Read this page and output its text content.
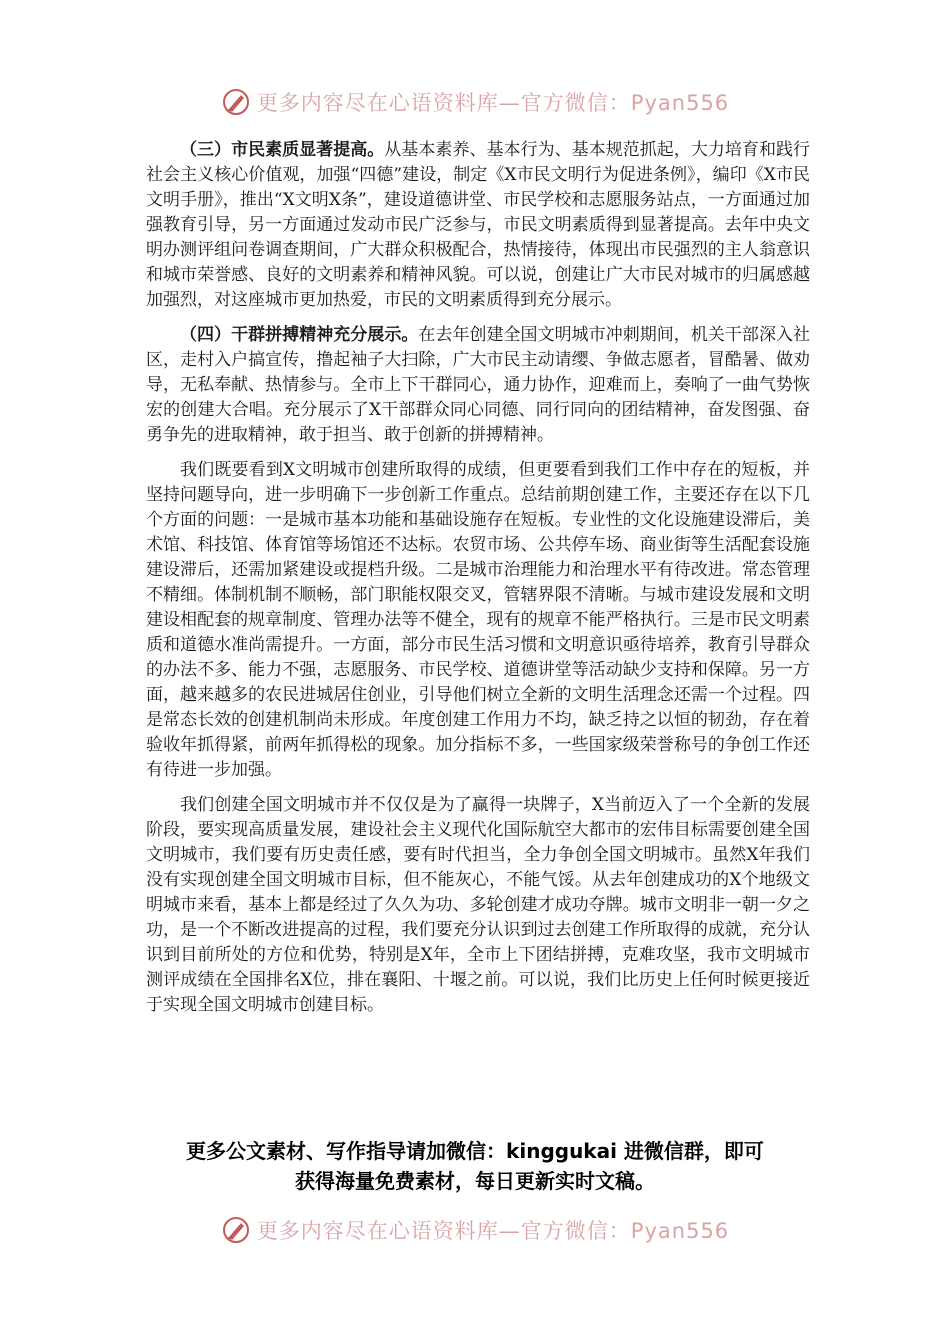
更多内容尽在心语资料库—官方微信：Pyan556

（三）市民素质显著提高。从基本素养、基本行为、基本规范抓起，大力培育和践行社会主义核心价值观，加强“四德”建设，制定《X市民文明行为促进条例》，编印《X市民文明手册》，推出“X文明X条”，建设道德讲堂、市民学校和志愿服务站点，一方面通过加强教育引导，另一方面通过发动市民广泛参与，市民文明素质得到显著提高。去年中央文明办测评组问卷调查期间，广大群众积极配合，热情接待，体现出市民强烈的主人翁意识和城市荣誉感、良好的文明素养和精神风貌。可以说，创建让广大市民对城市的归属感越加强烈，对这座城市更加热爱，市民的文明素质得到充分展示。

（四）干群拼搏精神充分展示。在去年创建全国文明城市冲刺期间，机关干部深入社区，走村入户搞宣传，撸起袖子大扫除，广大市民主动请缨、争做志愿者，冒酷暑、做劝导，无私奉献、热情参与。全市上下干群同心，通力协作，迎难而上，奏响了一曲气势恢宏的创建大合唱。充分展示了X干部群众同心同德、同行同向的团结精神，奋发图强、奋勇争先的进取精神，敢于担当、敢于创新的拼搏精神。

我们既要看到X文明城市创建所取得的成绩，但更要看到我们工作中存在的短板，并坚持问题导向，进一步明确下一步创新工作重点。总结前期创建工作，主要还存在以下几个方面的问题：一是城市基本功能和基础设施存在短板。专业性的文化设施建设滞后，美术馆、科技馆、体育馆等场馆还不达标。农贸市场、公共停车场、商业街等生活配套设施建设滞后，还需加紧建设或提档升级。二是城市治理能力和治理水平有待改进。常态管理不精细。体制机制不顺畅，部门职能权限交叉，管辖界限不清晰。与城市建设发展和文明建设相配套的规章制度、管理办法等不健全，现有的规章不能严格执行。三是市民文明素质和道德水准尚需提升。一方面，部分市民生活习惯和文明意识亟待培养，教育引导群众的办法不多、能力不强，志愿服务、市民学校、道德讲堂等活动缺少支持和保障。另一方面，越来越多的农民进城居住创业，引导他们树立全新的文明生活理念还需一个过程。四是常态长效的创建机制尚未形成。年度创建工作用力不均，缺乏持之以恒的韧劲，存在着验收年抓得紧，前两年抓得松的现象。加分指标不多，一些国家级荣誉称号的争创工作还有待进一步加强。

我们创建全国文明城市并不仅仅是为了赢得一块牌子，X当前迈入了一个全新的发展阶段，要实现高质量发展，建设社会主义现代化国际航空大都市的宏伟目标需要创建全国文明城市，我们要有历史责任感，要有时代担当，全力争创全国文明城市。虽然X年我们没有实现创建全国文明城市目标，但不能灰心，不能气馁。从去年创建成功的X个地级文明城市来看，基本上都是经过了久久为功、多轮创建才成功夺牌。城市文明非一朝一夕之功，是一个不断改进提高的过程，我们要充分认识到过去创建工作所取得的成就，充分认识到目前所处的方位和优势，特别是X年，全市上下团结拼搏，克难攻坚，我市文明城市测评成绩在全国排名X位，排在襄阳、十堰之前。可以说，我们比历史上任何时候更接近于实现全国文明城市创建目标。

更多公文素材、写作指导请加微信：kinggukai 进微信群，即可
获得海量免费素材，每日更新实时文稿。
更多内容尽在心语资料库—官方微信：Pyan556
